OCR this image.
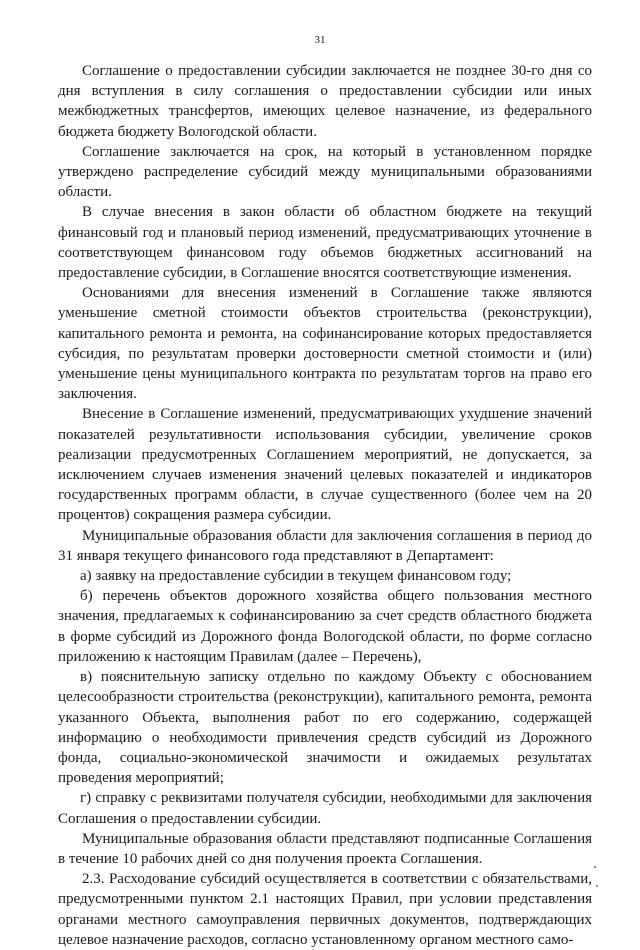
31

Соглашение о предоставлении субсидии заключается не позднее 30-го дня со дня вступления в силу соглашения о предоставлении субсидии или иных межбюджетных трансфертов, имеющих целевое назначение, из федерального бюджета бюджету Вологодской области.

Соглашение заключается на срок, на который в установленном порядке утверждено распределение субсидий между муниципальными образованиями области.

В случае внесения в закон области об областном бюджете на текущий финансовый год и плановый период изменений, предусматривающих уточнение в соответствующем финансовом году объемов бюджетных ассигнований на предоставление субсидии, в Соглашение вносятся соответствующие изменения.

Основаниями для внесения изменений в Соглашение также являются уменьшение сметной стоимости объектов строительства (реконструкции), капитального ремонта и ремонта, на софинансирование которых предоставляется субсидия, по результатам проверки достоверности сметной стоимости и (или) уменьшение цены муниципального контракта по результатам торгов на право его заключения.

Внесение в Соглашение изменений, предусматривающих ухудшение значений показателей результативности использования субсидии, увеличение сроков реализации предусмотренных Соглашением мероприятий, не допускается, за исключением случаев изменения значений целевых показателей и индикаторов государственных программ области, в случае существенного (более чем на 20 процентов) сокращения размера субсидии.

Муниципальные образования области для заключения соглашения в период до 31 января текущего финансового года представляют в Департамент:

а) заявку на предоставление субсидии в текущем финансовом году;

б) перечень объектов дорожного хозяйства общего пользования местного значения, предлагаемых к софинансированию за счет средств областного бюджета в форме субсидий из Дорожного фонда Вологодской области, по форме согласно приложению к настоящим Правилам (далее – Перечень),

в) пояснительную записку отдельно по каждому Объекту с обоснованием целесообразности строительства (реконструкции), капитального ремонта, ремонта указанного Объекта, выполнения работ по его содержанию, содержащей информацию о необходимости привлечения средств субсидий из Дорожного фонда, социально-экономической значимости и ожидаемых результатах проведения мероприятий;

г) справку с реквизитами получателя субсидии, необходимыми для заключения Соглашения о предоставлении субсидии.

Муниципальные образования области представляют подписанные Соглашения в течение 10 рабочих дней со дня получения проекта Соглашения.

2.3. Расходование субсидий осуществляется в соответствии с обязательствами, предусмотренными пунктом 2.1 настоящих Правил, при условии представления органами местного самоуправления первичных документов, подтверждающих целевое назначение расходов, согласно установленному органом местного само-
